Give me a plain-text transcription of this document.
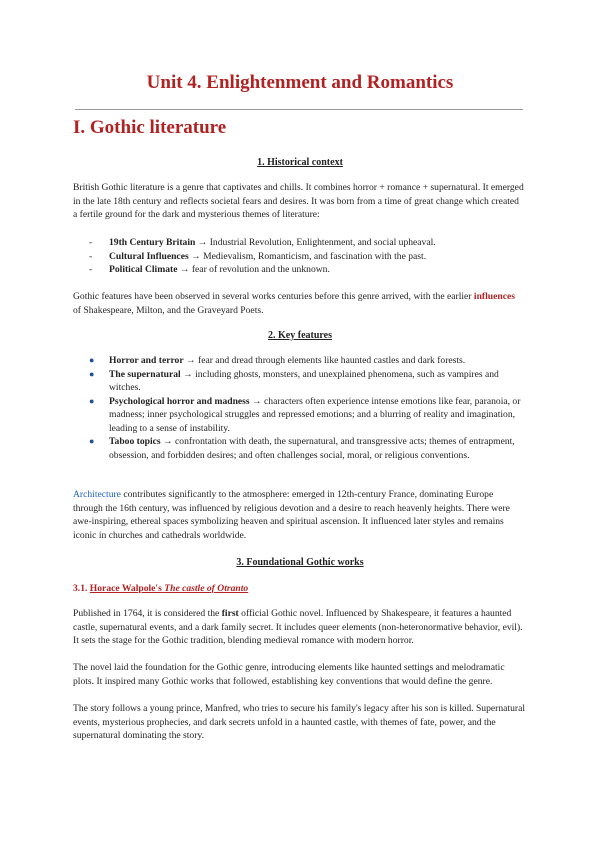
Unit 4. Enlightenment and Romantics
I. Gothic literature
1. Historical context

British Gothic literature is a genre that captivates and chills. It combines horror + romance + supernatural. It emerged in the late 18th century and reflects societal fears and desires. It was born from a time of great change which created a fertile ground for the dark and mysterious themes of literature:

- 19th Century Britain → Industrial Revolution, Enlightenment, and social upheaval.
- Cultural Influences → Medievalism, Romanticism, and fascination with the past.
- Political Climate → fear of revolution and the unknown.

Gothic features have been observed in several works centuries before this genre arrived, with the earlier influences of Shakespeare, Milton, and the Graveyard Poets.

2. Key features
● Horror and terror → fear and dread through elements like haunted castles and dark forests.
● The supernatural → including ghosts, monsters, and unexplained phenomena, such as vampires and witches.
● Psychological horror and madness → characters often experience intense emotions like fear, paranoia, or madness; inner psychological struggles and repressed emotions; and a blurring of reality and imagination, leading to a sense of instability.
● Taboo topics → confrontation with death, the supernatural, and transgressive acts; themes of entrapment, obsession, and forbidden desires; and often challenges social, moral, or religious conventions.

Architecture contributes significantly to the atmosphere: emerged in 12th-century France, dominating Europe through the 16th century, was influenced by religious devotion and a desire to reach heavenly heights. There were awe-inspiring, ethereal spaces symbolizing heaven and spiritual ascension. It influenced later styles and remains iconic in churches and cathedrals worldwide.

3. Foundational Gothic works

3.1. Horace Walpole's The castle of Otranto

Published in 1764, it is considered the first official Gothic novel. Influenced by Shakespeare, it features a haunted castle, supernatural events, and a dark family secret. It includes queer elements (non-heteronormative behavior, evil). It sets the stage for the Gothic tradition, blending medieval romance with modern horror.

The novel laid the foundation for the Gothic genre, introducing elements like haunted settings and melodramatic plots. It inspired many Gothic works that followed, establishing key conventions that would define the genre.

The story follows a young prince, Manfred, who tries to secure his family's legacy after his son is killed. Supernatural events, mysterious prophecies, and dark secrets unfold in a haunted castle, with themes of fate, power, and the supernatural dominating the story.
